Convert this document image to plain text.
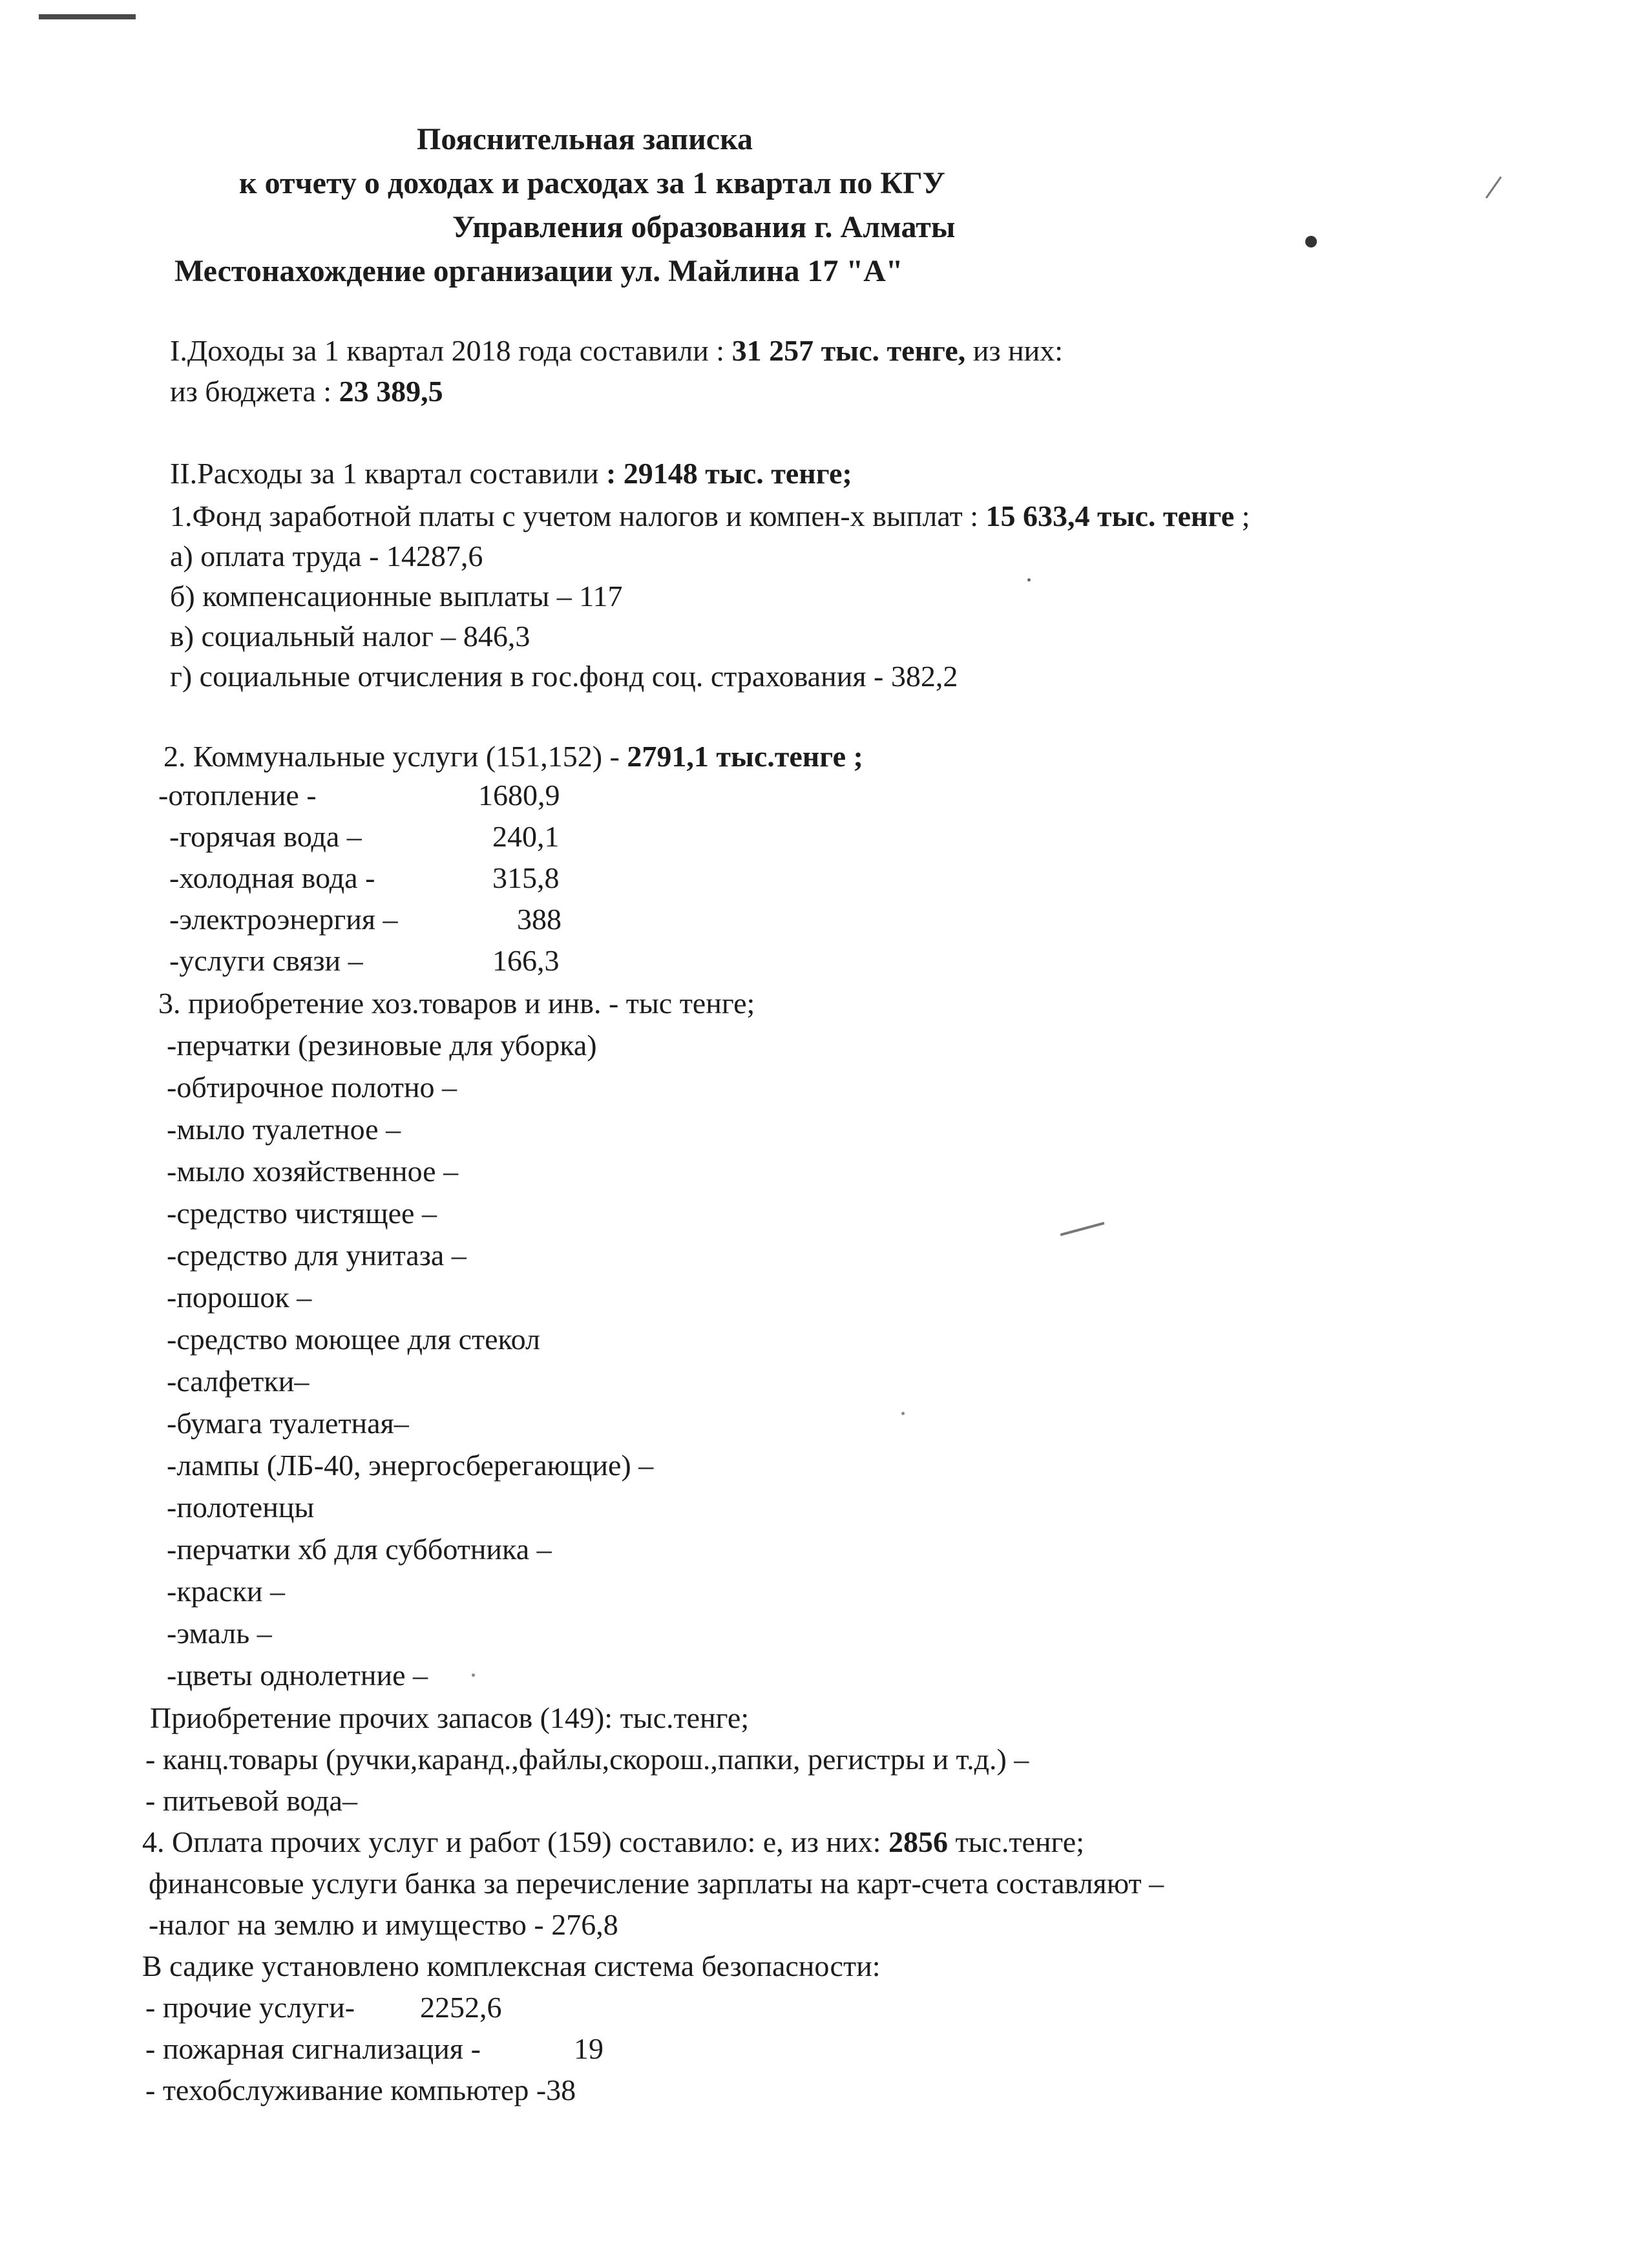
Пояснительная записка
к отчету о доходах и расходах за 1 квартал по КГУ
Управления образования г. Алматы
Местонахождение организации ул. Майлина 17 "А"
I.Доходы за 1 квартал 2018 года составили : 31 257 тыс. тенге, из них:
из бюджета : 23 389,5
II.Расходы за 1 квартал составили : 29148 тыс. тенге;
1.Фонд заработной платы с учетом налогов и компен-х выплат : 15 633,4 тыс. тенге ;
а) оплата труда - 14287,6
б) компенсационные выплаты – 117
в) социальный налог – 846,3
г) социальные отчисления в гос.фонд соц. страхования - 382,2
2. Коммунальные услуги (151,152) - 2791,1 тыс.тенге ;
-отопление -	1680,9
-горячая вода –	240,1
-холодная вода -	315,8
-электроэнергия –	388
-услуги связи –	166,3
3. приобретение хоз.товаров и инв. - тыс тенге;
-перчатки (резиновые для уборка)
-обтирочное полотно –
-мыло туалетное –
-мыло хозяйственное –
-средство чистящее –
-средство для унитаза –
-порошок –
-средство моющее для стекол
-салфетки–
-бумага туалетная–
-лампы (ЛБ-40, энергосберегающие) –
-полотенцы
-перчатки хб для субботника –
-краски –
-эмаль –
-цветы однолетние –
Приобретение прочих запасов (149): тыс.тенге;
- канц.товары (ручки,каранд.,файлы,скорош.,папки, регистры и т.д.) –
- питьевой вода–
4. Оплата прочих услуг и работ (159) составило: е, из них: 2856 тыс.тенге;
финансовые услуги банка за перечисление зарплаты на карт-счета составляют –
-налог на землю и имущество - 276,8
В садике установлено комплексная система безопасности:
- прочие услуги- 2252,6
- пожарная сигнализация -	19
- техобслуживание компьютер -38
